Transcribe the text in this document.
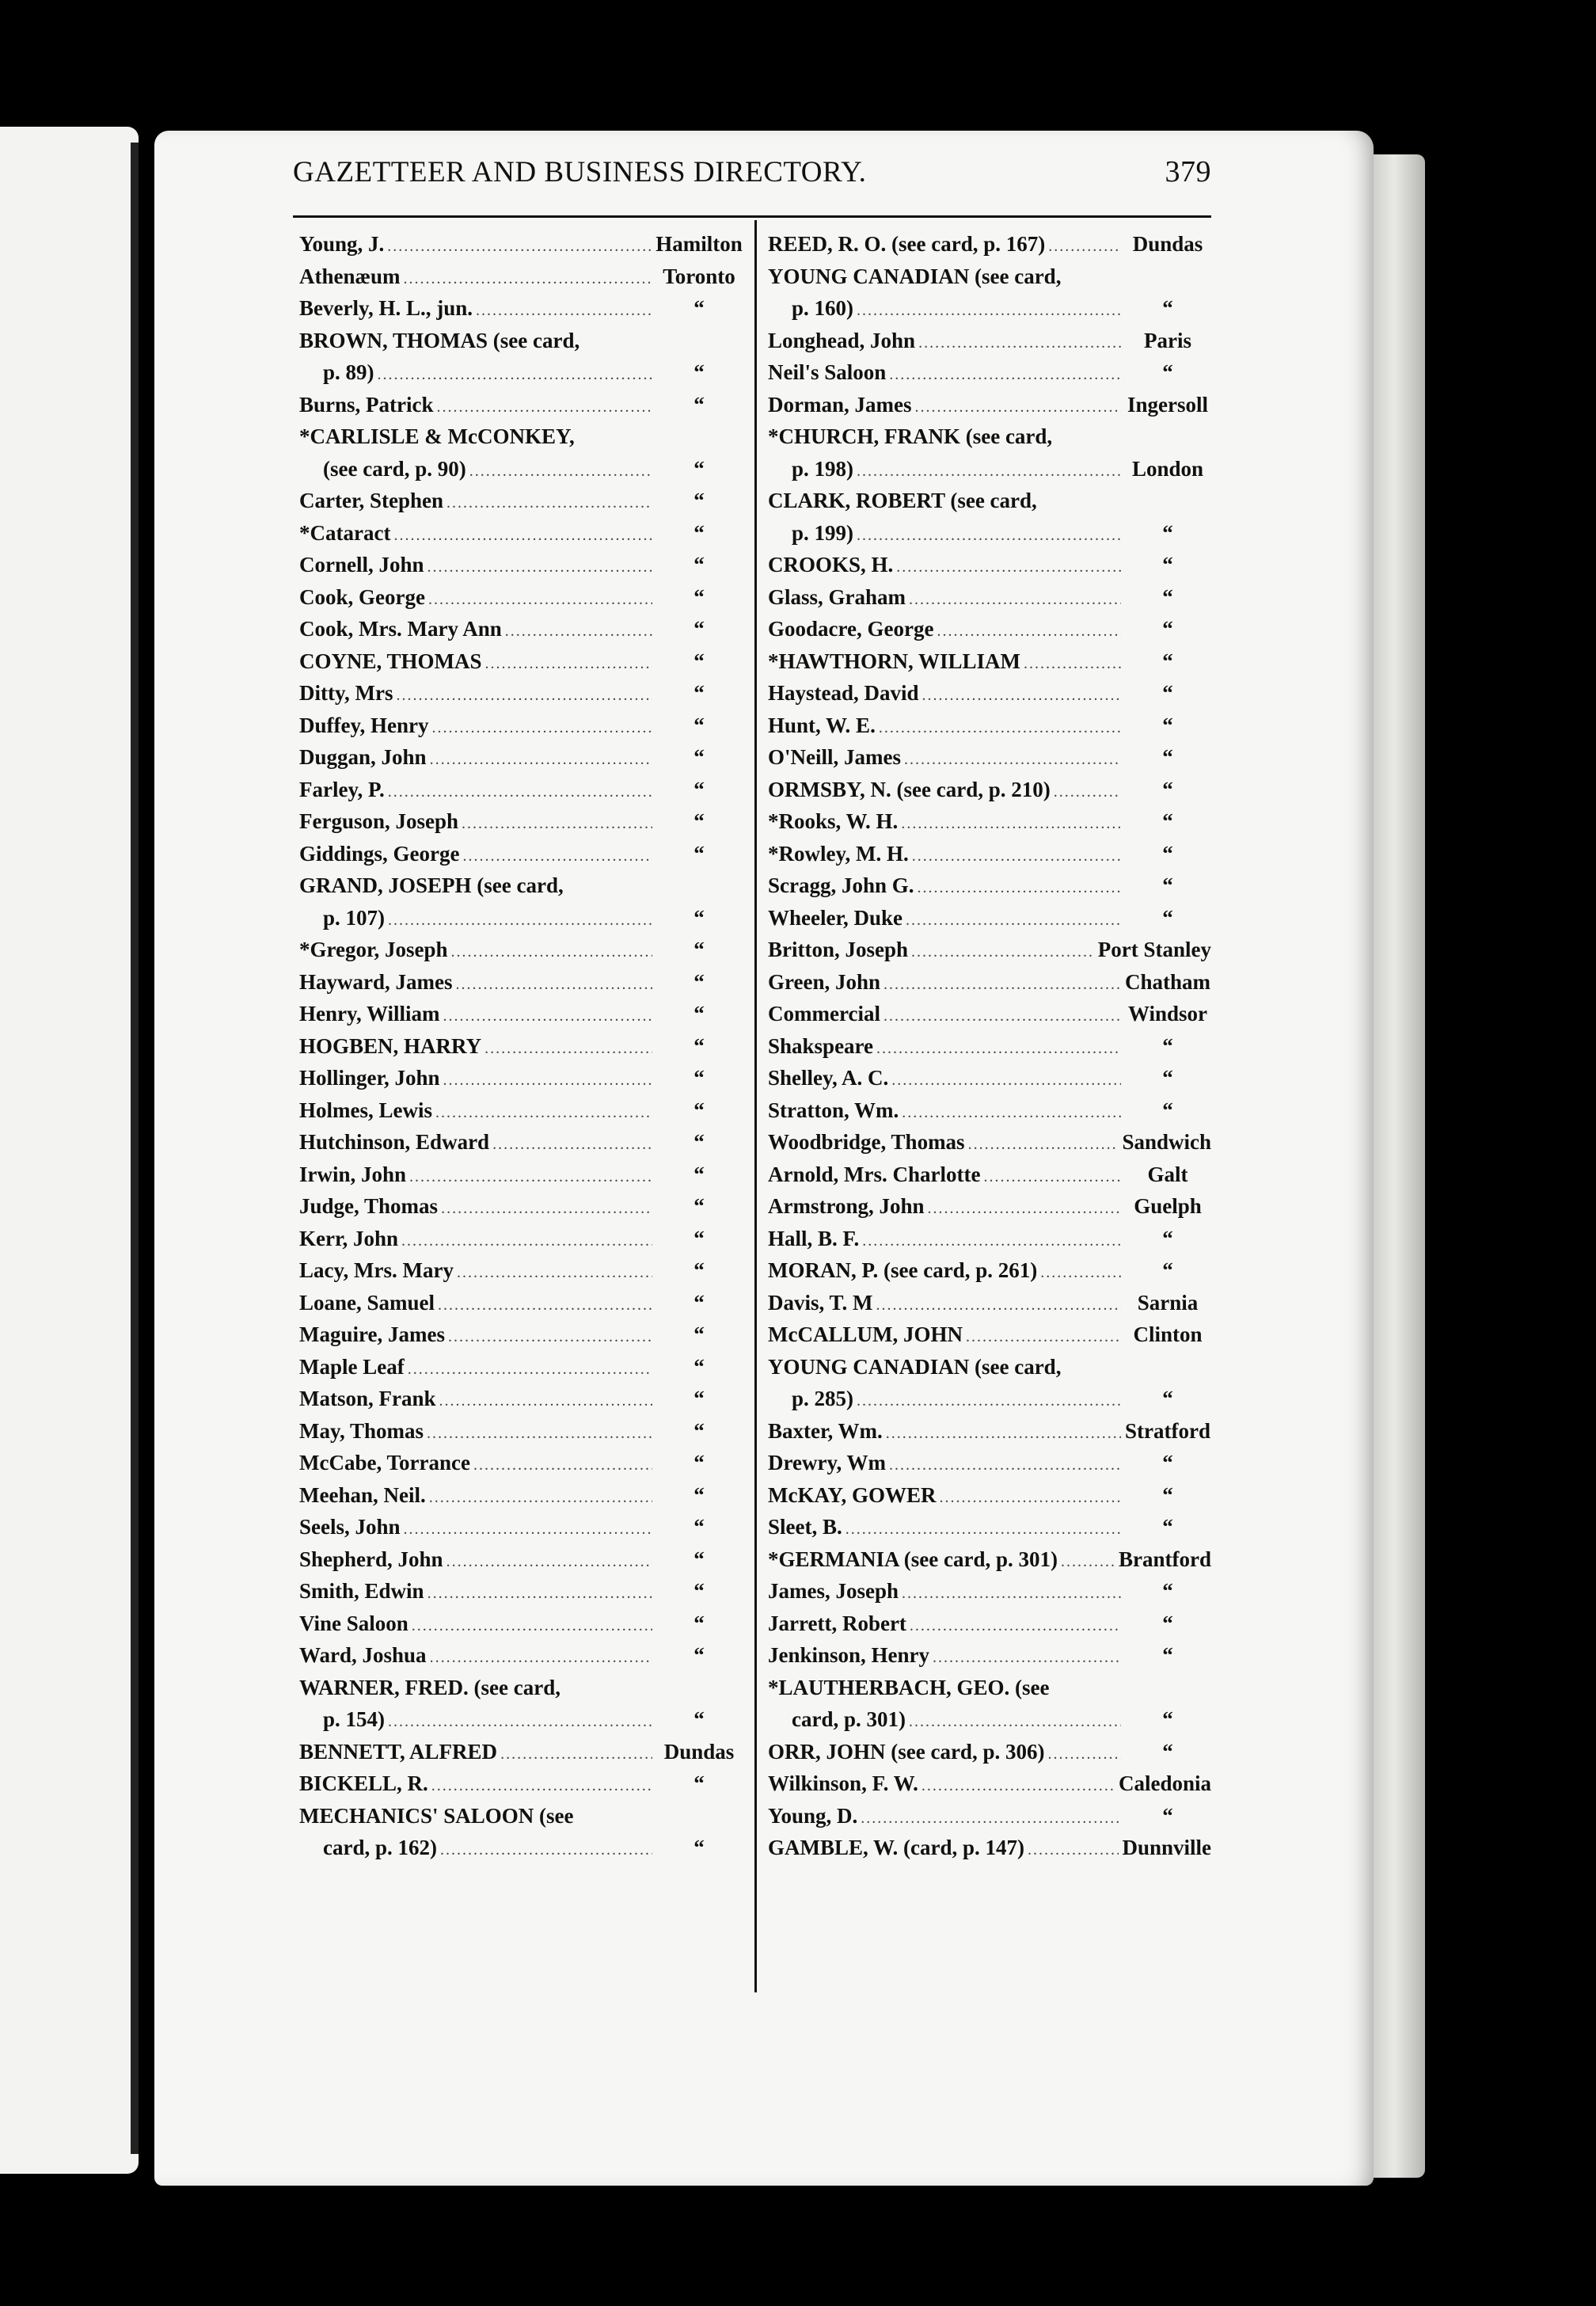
GAZETTEER AND BUSINESS DIRECTORY.	379
Young, J. .....	Hamilton
Athenæum .....	Toronto
Beverly, H. L., jun. .....	“
BROWN, THOMAS (see card,
p. 89) .....	“
Burns, Patrick .....	“
*CARLISLE & McCONKEY,
(see card, p. 90) .....	“
Carter, Stephen .....	“
*Cataract .....	“
Cornell, John .....	“
Cook, George .....	“
Cook, Mrs. Mary Ann .....	“
COYNE, THOMAS .....	“
Ditty, Mrs .....	“
Duffey, Henry .....	“
Duggan, John .....	“
Farley, P. .....	“
Ferguson, Joseph .....	“
Giddings, George .....	“
GRAND, JOSEPH (see card,
p. 107) .....	“
*Gregor, Joseph .....	“
Hayward, James .....	“
Henry, William .....	“
HOGBEN, HARRY .....	“
Hollinger, John .....	“
Holmes, Lewis .....	“
Hutchinson, Edward .....	“
Irwin, John .....	“
Judge, Thomas .....	“
Kerr, John .....	“
Lacy, Mrs. Mary .....	“
Loane, Samuel .....	“
Maguire, James .....	“
Maple Leaf .....	“
Matson, Frank .....	“
May, Thomas .....	“
McCabe, Torrance .....	“
Meehan, Neil. .....	“
Seels, John .....	“
Shepherd, John .....	“
Smith, Edwin .....	“
Vine Saloon .....	“
Ward, Joshua .....	“
WARNER, FRED. (see card,
p. 154) .....	“
BENNETT, ALFRED .....	Dundas
BICKELL, R. .....	“
MECHANICS' SALOON (see
card, p. 162) .....	“
REED, R. O. (see card, p. 167) .....	Dundas
YOUNG CANADIAN (see card,
p. 160) .....	“
Longhead, John .....	Paris
Neil's Saloon .....	“
Dorman, James .....	Ingersoll
*CHURCH, FRANK (see card,
p. 198) .....	London
CLARK, ROBERT (see card,
p. 199) .....	“
CROOKS, H. .....	“
Glass, Graham .....	“
Goodacre, George .....	“
*HAWTHORN, WILLIAM .....	“
Haystead, David .....	“
Hunt, W. E. .....	“
O'Neill, James .....	“
ORMSBY, N. (see card, p. 210) .....	“
*Rooks, W. H. .....	“
*Rowley, M. H. .....	“
Scragg, John G. .....	“
Wheeler, Duke .....	“
Britton, Joseph .....	Port Stanley
Green, John .....	Chatham
Commercial .....	Windsor
Shakspeare .....	“
Shelley, A. C. .....	“
Stratton, Wm. .....	“
Woodbridge, Thomas .....	Sandwich
Arnold, Mrs. Charlotte .....	Galt
Armstrong, John .....	Guelph
Hall, B. F. .....	“
MORAN, P. (see card, p. 261) .....	“
Davis, T. M .....	Sarnia
McCALLUM, JOHN .....	Clinton
YOUNG CANADIAN (see card,
p. 285) .....	“
Baxter, Wm. .....	Stratford
Drewry, Wm .....	“
McKAY, GOWER .....	“
Sleet, B. .....	“
*GERMANIA (see card, p. 301) .....	Brantford
James, Joseph .....	“
Jarrett, Robert .....	“
Jenkinson, Henry .....	“
*LAUTHERBACH, GEO. (see
card, p. 301) .....	“
ORR, JOHN (see card, p. 306) .....	“
Wilkinson, F. W. .....	Caledonia
Young, D. .....	“
GAMBLE, W. (card, p. 147) .....	Dunnville
